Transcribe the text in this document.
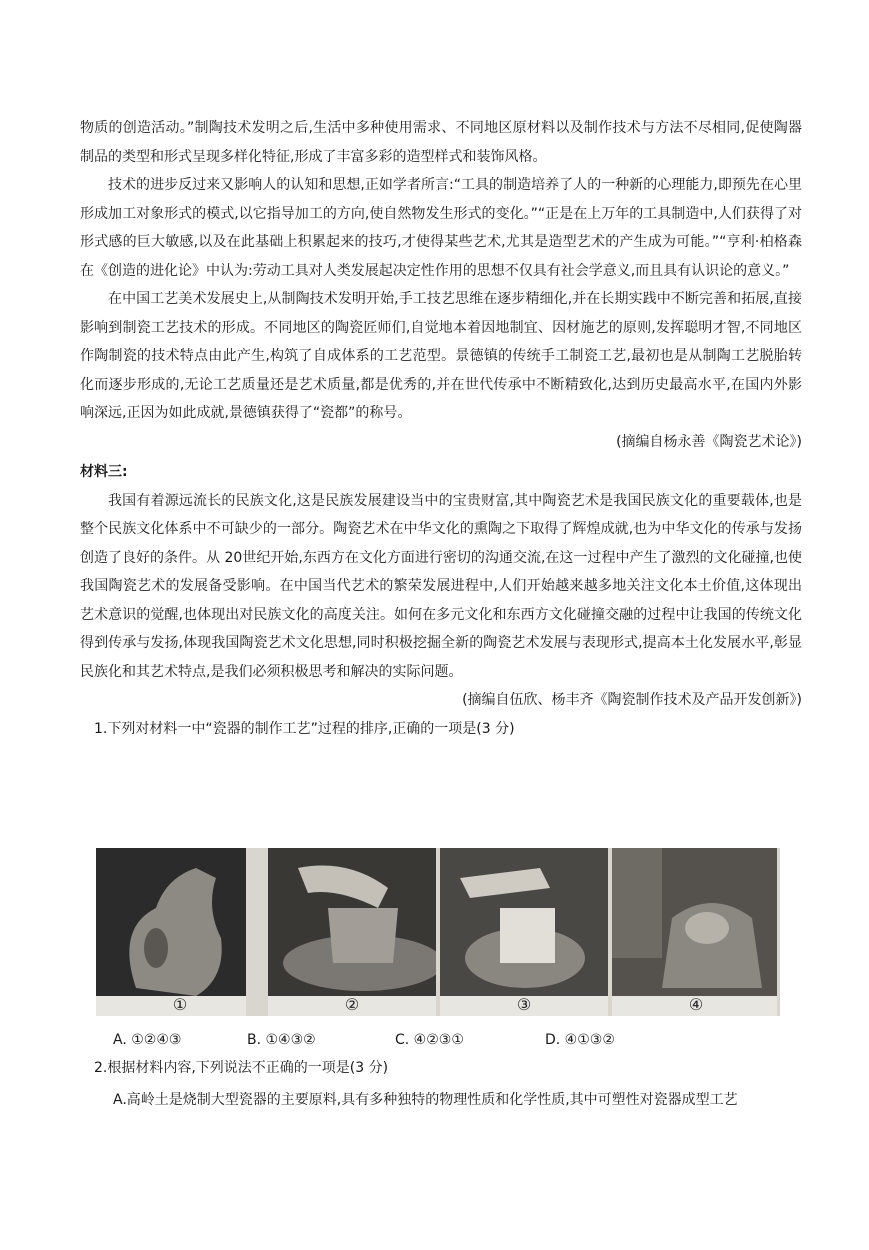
物质的创造活动。”制陶技术发明之后,生活中多种使用需求、不同地区原材料以及制作技术与方法不尽相同,促使陶器制品的类型和形式呈现多样化特征,形成了丰富多彩的造型样式和装饰风格。

技术的进步反过来又影响人的认知和思想,正如学者所言:“工具的制造培养了人的一种新的心理能力,即预先在心里形成加工对象形式的模式,以它指导加工的方向,使自然物发生形式的变化。”“正是在上万年的工具制造中,人们获得了对形式感的巨大敏感,以及在此基础上积累起来的技巧,才使得某些艺术,尤其是造型艺术的产生成为可能。”“亨利·柏格森在《创造的进化论》中认为:劳动工具对人类发展起决定性作用的思想不仅具有社会学意义,而且具有认识论的意义。”

在中国工艺美术发展史上,从制陶技术发明开始,手工技艺思维在逐步精细化,并在长期实践中不断完善和拓展,直接影响到制瓷工艺技术的形成。不同地区的陶瓷匠师们,自觉地本着因地制宜、因材施艺的原则,发挥聪明才智,不同地区作陶制瓷的技术特点由此产生,构筑了自成体系的工艺范型。景德镇的传统手工制瓷工艺,最初也是从制陶工艺脱胎转化而逐步形成的,无论工艺质量还是艺术质量,都是优秀的,并在世代传承中不断精致化,达到历史最高水平,在国内外影响深远,正因为如此成就,景德镇获得了“瓷都”的称号。

(摘编自杨永善《陶瓷艺术论》)
材料三:

我国有着源远流长的民族文化,这是民族发展建设当中的宝贵财富,其中陶瓷艺术是我国民族文化的重要载体,也是整个民族文化体系中不可缺少的一部分。陶瓷艺术在中华文化的熏陶之下取得了辉煌成就,也为中华文化的传承与发扬创造了良好的条件。从 20世纪开始,东西方在文化方面进行密切的沟通交流,在这一过程中产生了激烈的文化碰撞,也使我国陶瓷艺术的发展备受影响。在中国当代艺术的繁荣发展进程中,人们开始越来越多地关注文化本土价值,这体现出艺术意识的觉醒,也体现出对民族文化的高度关注。如何在多元文化和东西方文化碰撞交融的过程中让我国的传统文化得到传承与发扬,体现我国陶瓷艺术文化思想,同时积极挖掘全新的陶瓷艺术发展与表现形式,提高本土化发展水平,彰显民族化和其艺术特点,是我们必须积极思考和解决的实际问题。

(摘编自伍欣、杨丰齐《陶瓷制作技术及产品开发创新》)
1.下列对材料一中“瓷器的制作工艺”过程的排序,正确的一项是(3 分)
①	②	③	④
A. ①②④③	B. ①④③②	C. ④②③①	D. ④①③②
2.根据材料内容,下列说法不正确的一项是(3 分)
A.高岭土是烧制大型瓷器的主要原料,具有多种独特的物理性质和化学性质,其中可塑性对瓷器成型工艺
